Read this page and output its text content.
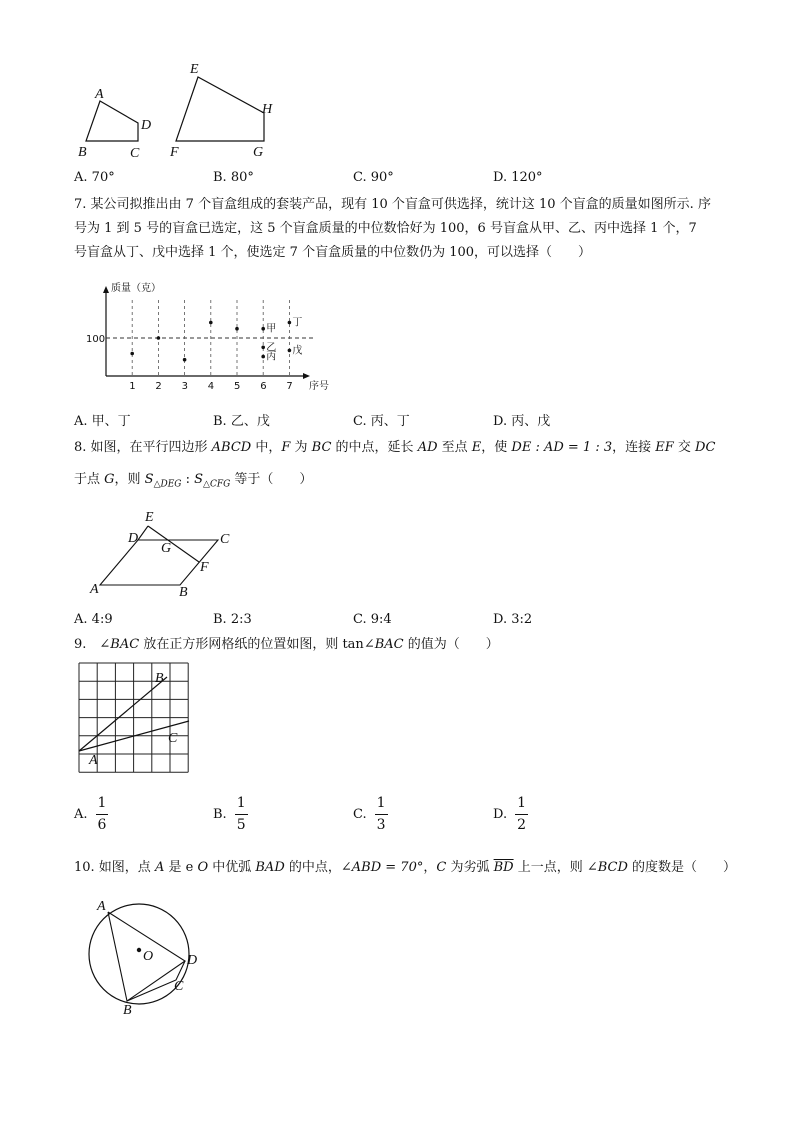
A
B	C
D
E
F	G
H
A. 70°	B. 80°	C. 90°	D. 120°
7. 某公司拟推出由 7 个盲盒组成的套装产品，现有 10 个盲盒可供选择，统计这 10 个盲盒的质量如图所示. 序
号为 1 到 5 号的盲盒已选定，这 5 个盲盒质量的中位数恰好为 100，6 号盲盒从甲、乙、丙中选择 1 个，7
号盲盒从丁、戊中选择 1 个，使选定 7 个盲盒质量的中位数仍为 100，可以选择（　　）
质量（克）
序号
100
1 2 3 4 5 6 7
甲
乙
丙
丁
戊
A. 甲、丁	B. 乙、戊	C. 丙、丁	D. 丙、戊
8. 如图，在平行四边形 ABCD 中，F 为 BC 的中点，延长 AD 至点 E，使 DE : AD = 1 : 3，连接 EF 交 DC
于点 G，则 $S_{\triangle DEG}$ : $S_{\triangle CFG}$ 等于（　　）
E
D
G
C
F
A	B
A. 4:9	B. 2:3	C. 9:4	D. 3:2
9.　∠BAC 放在正方形网格纸的位置如图，则 tan∠BAC 的值为（　　）
A
B
C
A. $\frac{1}{6}$	B. $\frac{1}{5}$	C. $\frac{1}{3}$	D. $\frac{1}{2}$
10. 如图，点 A 是 e O 中优弧 BAD 的中点，∠ABD = 70°，C 为劣弧 $\overline{BD}$ 上一点，则 ∠BCD 的度数是（　　）
A
O D
C
B
